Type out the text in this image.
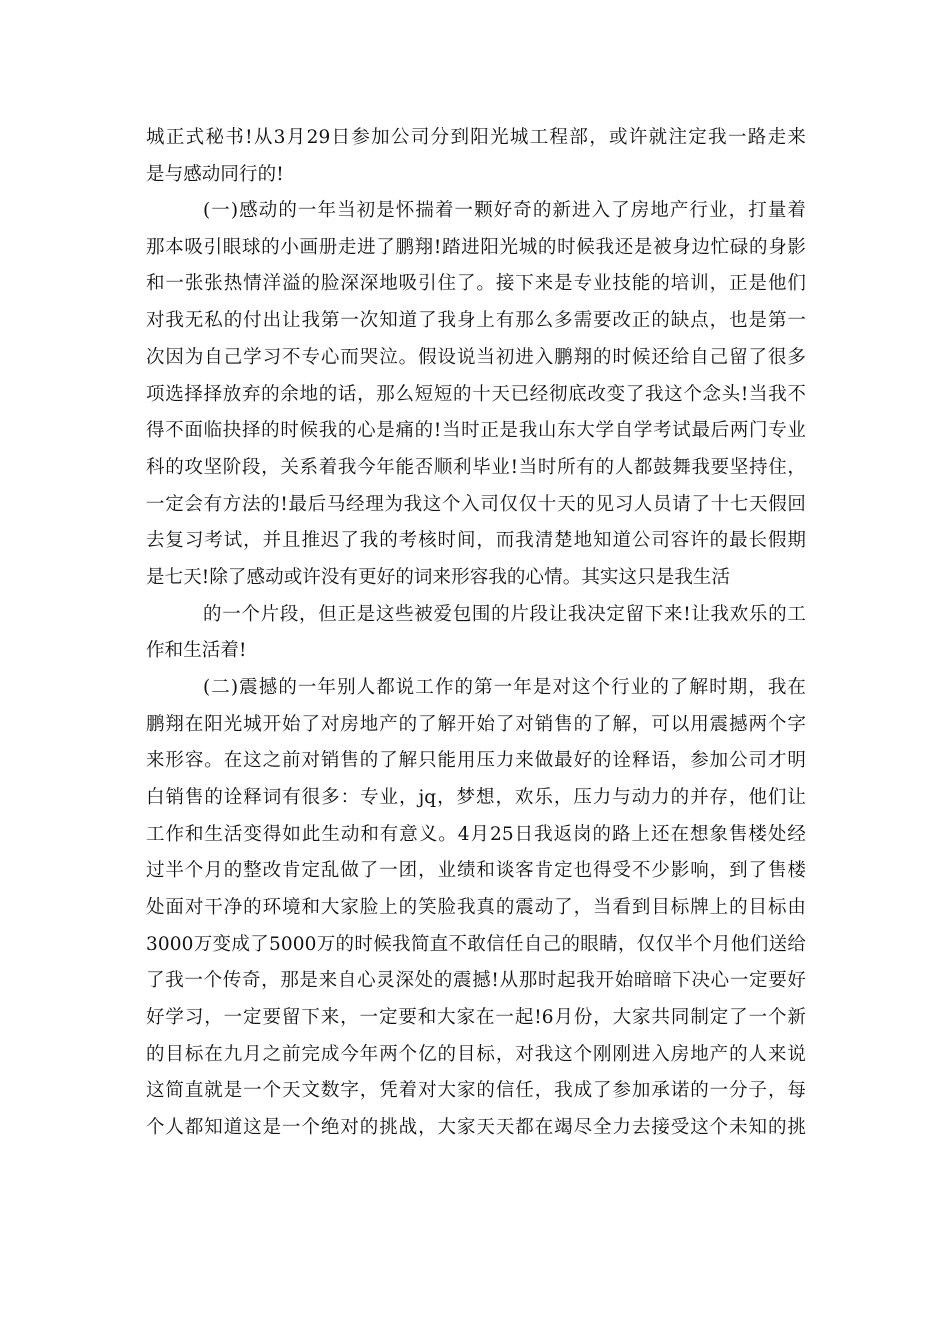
城正式秘书!从3月29日参加公司分到阳光城工程部，或许就注定我一路走来
是与感动同行的!
(一)感动的一年当初是怀揣着一颗好奇的新进入了房地产行业，打量着
那本吸引眼球的小画册走进了鹏翔!踏进阳光城的时候我还是被身边忙碌的身影
和一张张热情洋溢的脸深深地吸引住了。接下来是专业技能的培训，正是他们
对我无私的付出让我第一次知道了我身上有那么多需要改正的缺点，也是第一
次因为自己学习不专心而哭泣。假设说当初进入鹏翔的时候还给自己留了很多
项选择择放弃的余地的话，那么短短的十天已经彻底改变了我这个念头!当我不
得不面临抉择的时候我的心是痛的!当时正是我山东大学自学考试最后两门专业
科的攻坚阶段，关系着我今年能否顺利毕业!当时所有的人都鼓舞我要坚持住，
一定会有方法的!最后马经理为我这个入司仅仅十天的见习人员请了十七天假回
去复习考试，并且推迟了我的考核时间，而我清楚地知道公司容许的最长假期
是七天!除了感动或许没有更好的词来形容我的心情。其实这只是我生活
的一个片段，但正是这些被爱包围的片段让我决定留下来!让我欢乐的工
作和生活着!
(二)震撼的一年别人都说工作的第一年是对这个行业的了解时期，我在
鹏翔在阳光城开始了对房地产的了解开始了对销售的了解，可以用震撼两个字
来形容。在这之前对销售的了解只能用压力来做最好的诠释语，参加公司才明
白销售的诠释词有很多：专业，jq，梦想，欢乐，压力与动力的并存，他们让
工作和生活变得如此生动和有意义。4月25日我返岗的路上还在想象售楼处经
过半个月的整改肯定乱做了一团，业绩和谈客肯定也得受不少影响，到了售楼
处面对干净的环境和大家脸上的笑脸我真的震动了，当看到目标牌上的目标由
3000万变成了5000万的时候我简直不敢信任自己的眼睛，仅仅半个月他们送给
了我一个传奇，那是来自心灵深处的震撼!从那时起我开始暗暗下决心一定要好
好学习，一定要留下来，一定要和大家在一起!6月份，大家共同制定了一个新
的目标在九月之前完成今年两个亿的目标，对我这个刚刚进入房地产的人来说
这简直就是一个天文数字，凭着对大家的信任，我成了参加承诺的一分子，每
个人都知道这是一个绝对的挑战，大家天天都在竭尽全力去接受这个未知的挑
